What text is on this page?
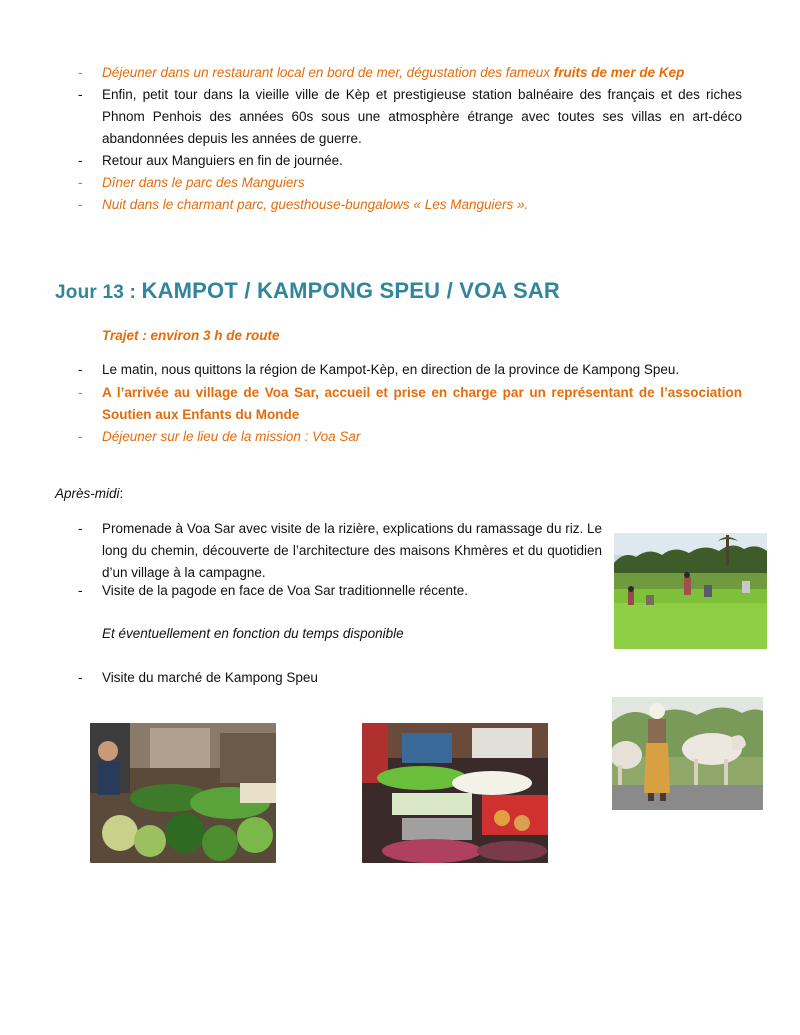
- Déjeuner dans un restaurant local en bord de mer, dégustation des fameux fruits de mer de Kep
- Enfin, petit tour dans la vieille ville de Kèp et prestigieuse station balnéaire des français et des riches Phnom Penhois des années 60s sous une atmosphère étrange avec toutes ses villas en art-déco abandonnées depuis les années de guerre.
- Retour aux Manguiers en fin de journée.
- Dîner dans le parc des Manguiers
- Nuit dans le charmant parc, guesthouse-bungalows « Les Manguiers ».
Jour 13 : KAMPOT / KAMPONG SPEU / VOA SAR
Trajet : environ 3 h de route
- Le matin, nous quittons la région de Kampot-Kèp, en direction de la province de Kampong Speu.
- A l’arrivée au village de Voa Sar, accueil et prise en charge par un représentant de l’association Soutien aux Enfants du Monde
- Déjeuner sur le lieu de la mission : Voa Sar
Après-midi:
- Promenade à Voa Sar avec visite de la rizière, explications du ramassage du riz. Le long du chemin, découverte de l’architecture des maisons Khmères et du quotidien d’un village à la campagne.
- Visite de la pagode en face de Voa Sar traditionnelle récente.
Et éventuellement en fonction du temps disponible
- Visite du marché de Kampong Speu
